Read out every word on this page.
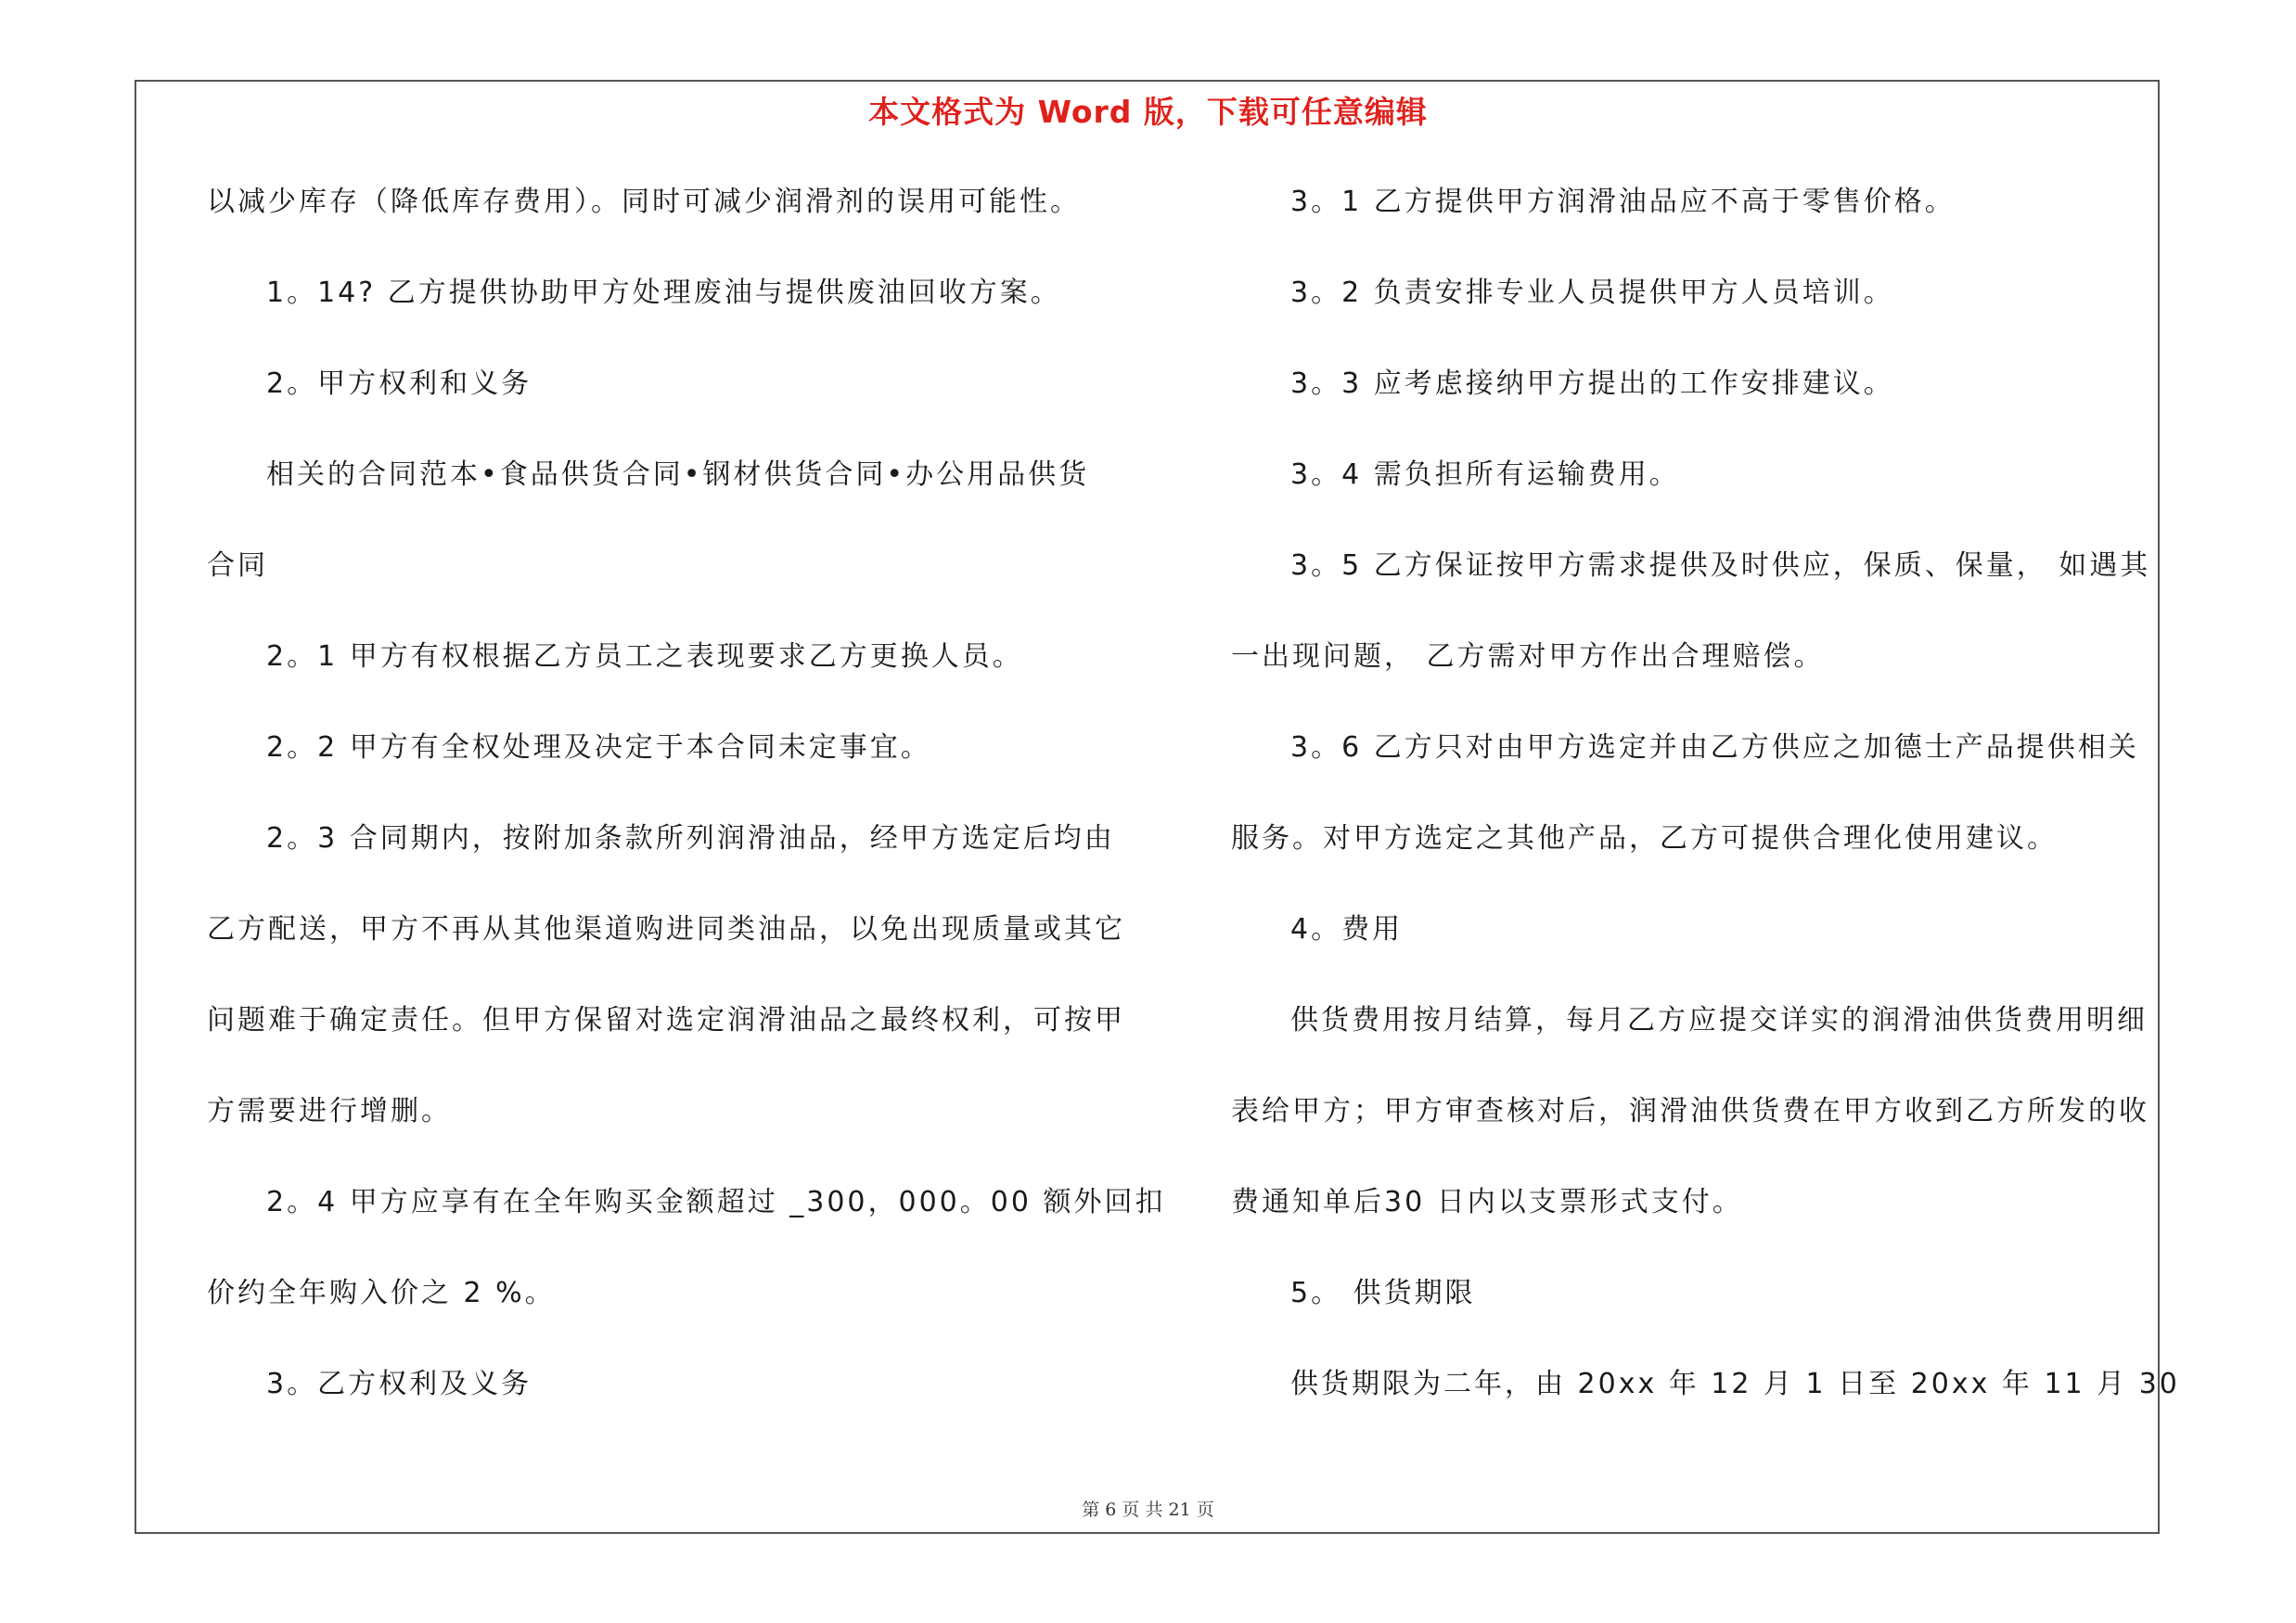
本文格式为 Word 版，下载可任意编辑
以减少库存（降低库存费用）。同时可减少润滑剂的误用可能性。
1。14? 乙方提供协助甲方处理废油与提供废油回收方案。
2。甲方权利和义务
相关的合同范本•食品供货合同•钢材供货合同•办公用品供货
合同
2。1 甲方有权根据乙方员工之表现要求乙方更换人员。
2。2 甲方有全权处理及决定于本合同未定事宜。
2。3 合同期内，按附加条款所列润滑油品，经甲方选定后均由
乙方配送，甲方不再从其他渠道购进同类油品，以免出现质量或其它
问题难于确定责任。但甲方保留对选定润滑油品之最终权利，可按甲
方需要进行增删。
2。4 甲方应享有在全年购买金额超过 _300，000。00 额外回扣
价约全年购入价之 2 %。
3。乙方权利及义务
3。1 乙方提供甲方润滑油品应不高于零售价格。
3。2 负责安排专业人员提供甲方人员培训。
3。3 应考虑接纳甲方提出的工作安排建议。
3。4 需负担所有运输费用。
3。5 乙方保证按甲方需求提供及时供应，保质、保量， 如遇其
一出现问题， 乙方需对甲方作出合理赔偿。
3。6 乙方只对由甲方选定并由乙方供应之加德士产品提供相关
服务。对甲方选定之其他产品，乙方可提供合理化使用建议。
4。费用
供货费用按月结算，每月乙方应提交详实的润滑油供货费用明细
表给甲方；甲方审查核对后，润滑油供货费在甲方收到乙方所发的收
费通知单后30 日内以支票形式支付。
5。 供货期限
供货期限为二年，由 20xx 年 12 月 1 日至 20xx 年 11 月 30
第 6 页 共 21 页
